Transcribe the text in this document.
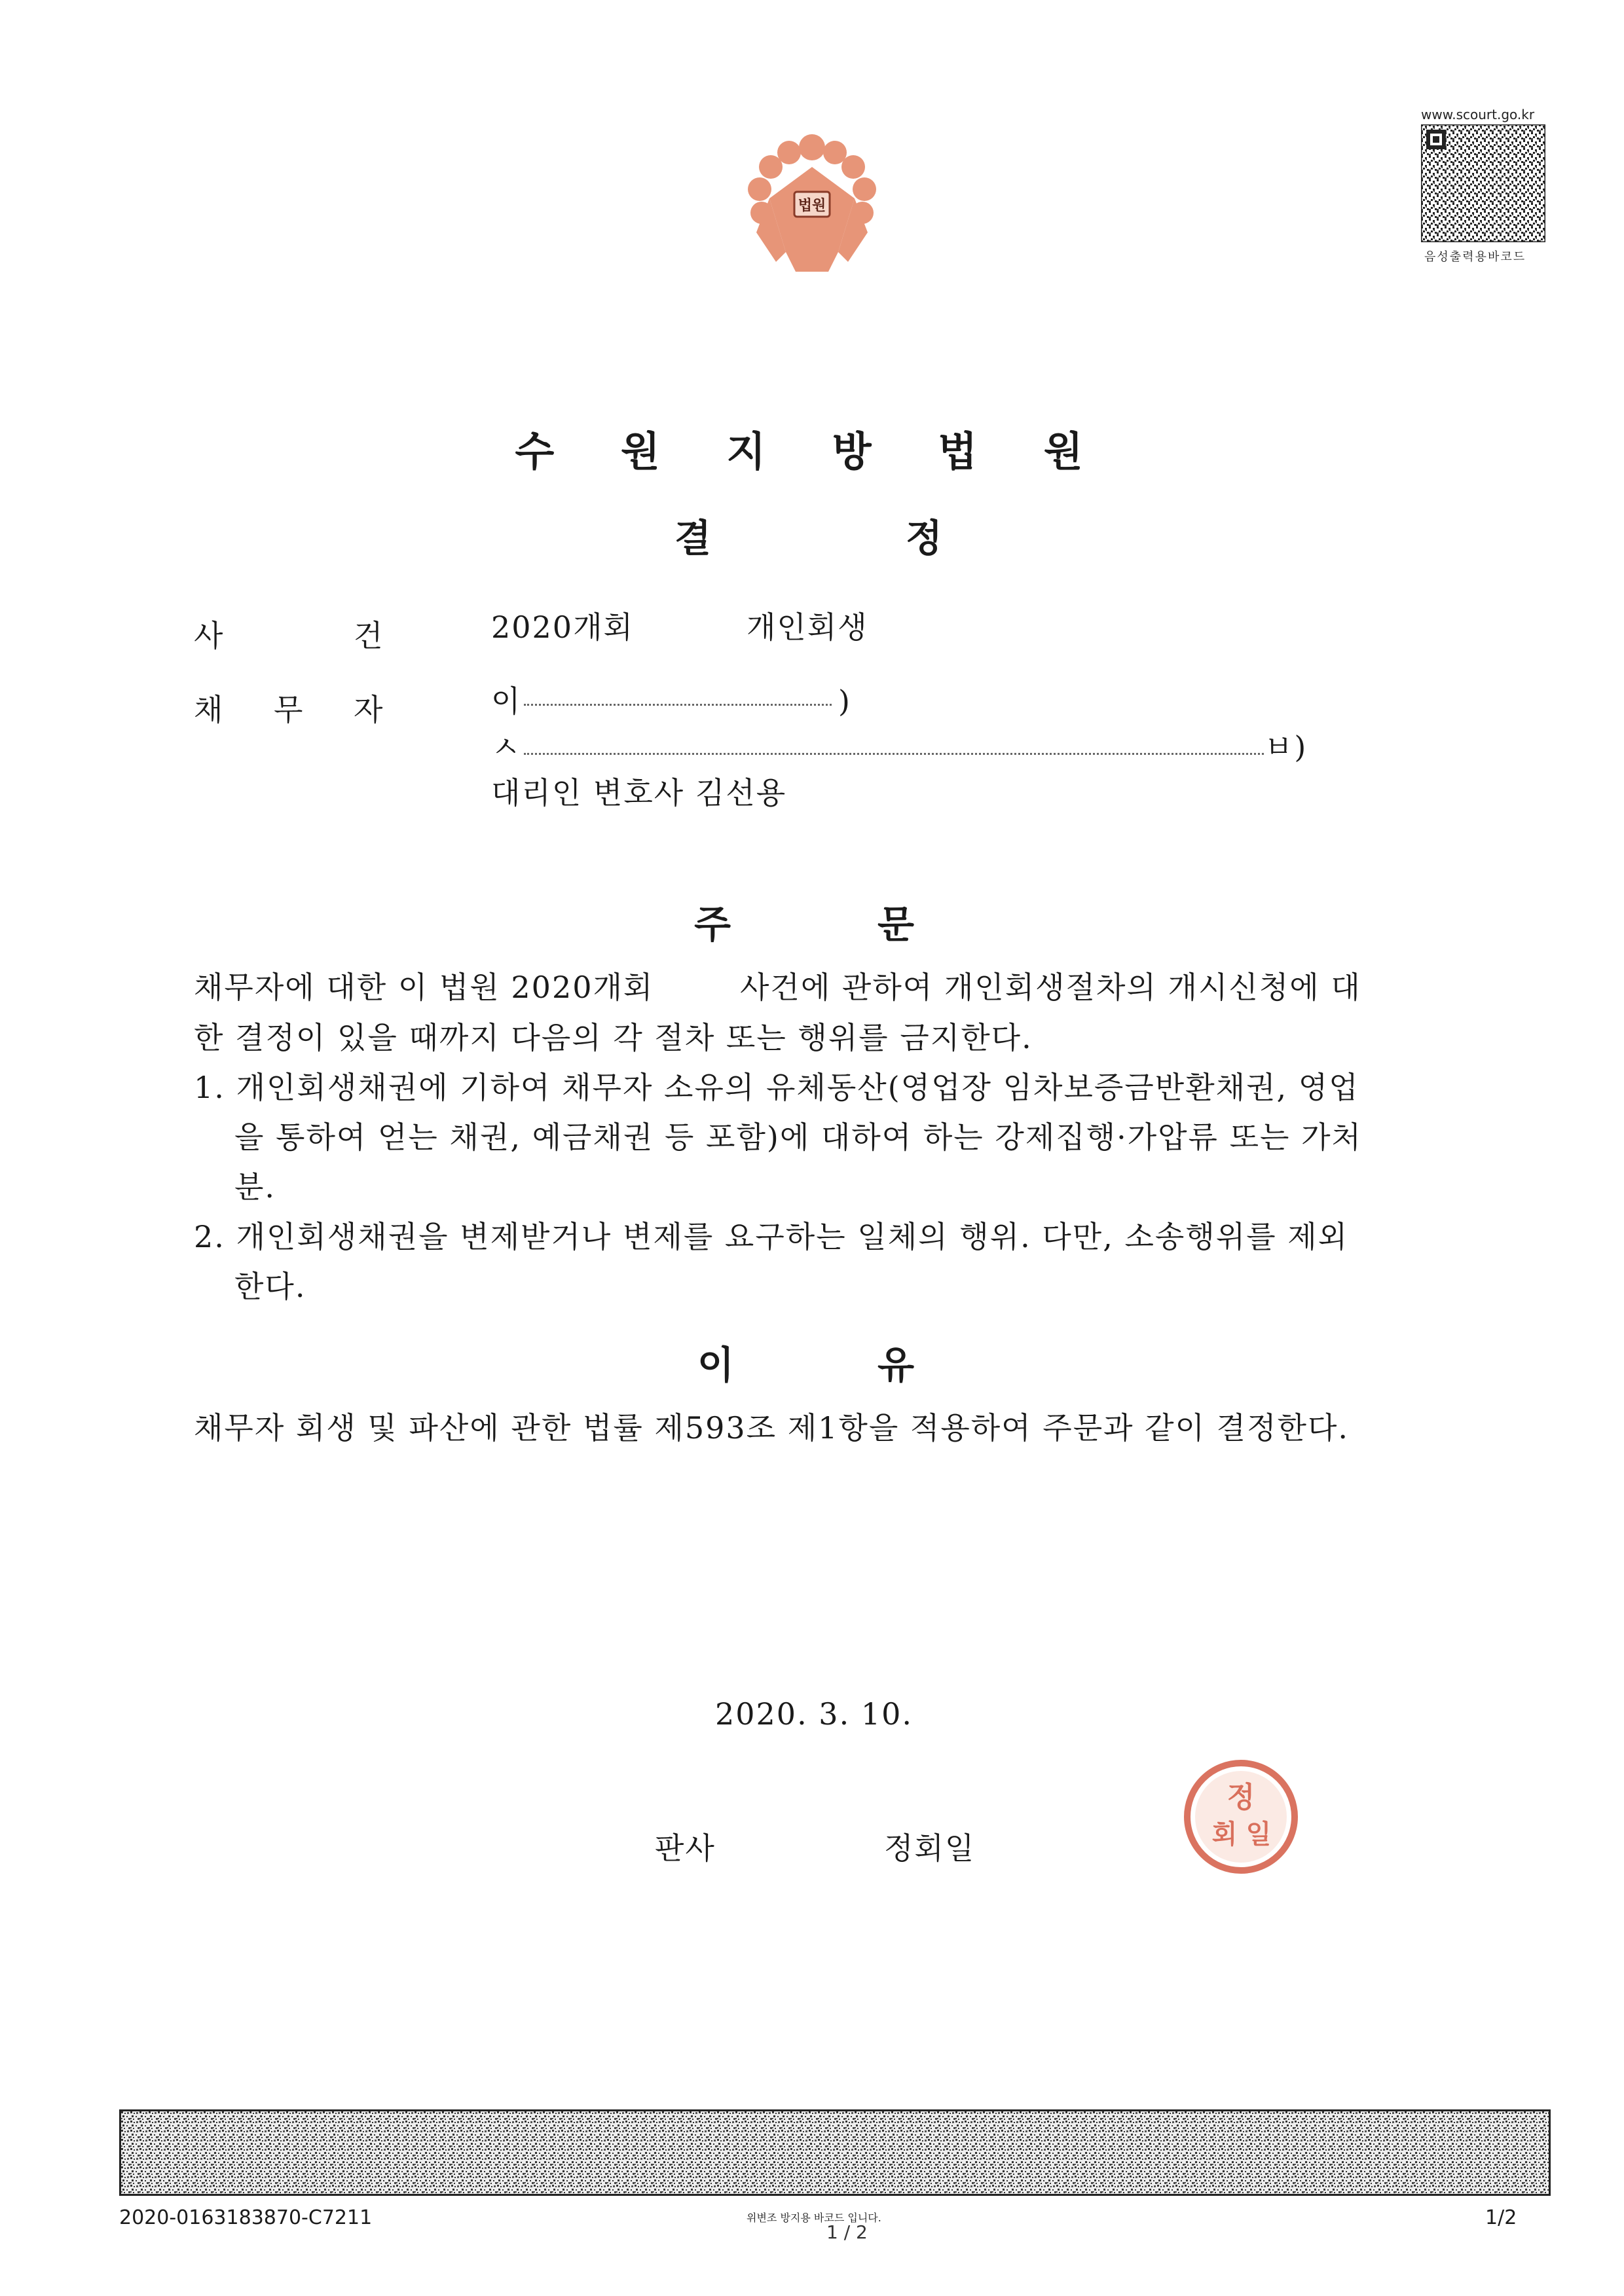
법원
www.scourt.go.kr
음성출력용바코드
수 원 지 방 법 원
결	정
사	건	2020개회	개인회생
채 무 자	이	)
ㅅ	ㅂ)
대리인 변호사 김선용
주	문
채무자에 대한 이 법원 2020개회	사건에 관하여 개인회생절차의 개시신청에 대
한 결정이 있을 때까지 다음의 각 절차 또는 행위를 금지한다.
1. 개인회생채권에 기하여 채무자 소유의 유체동산(영업장 임차보증금반환채권, 영업
을 통하여 얻는 채권, 예금채권 등 포함)에 대하여 하는 강제집행·가압류 또는 가처
분.
2. 개인회생채권을 변제받거나 변제를 요구하는 일체의 행위. 다만, 소송행위를 제외
한다.
이	유
채무자 회생 및 파산에 관한 법률 제593조 제1항을 적용하여 주문과 같이 결정한다.
2020. 3. 10.
판사	정회일
정
회 일
2020-0163183870-C7211	위변조 방지용 바코드 입니다.
1 / 2
1/2
